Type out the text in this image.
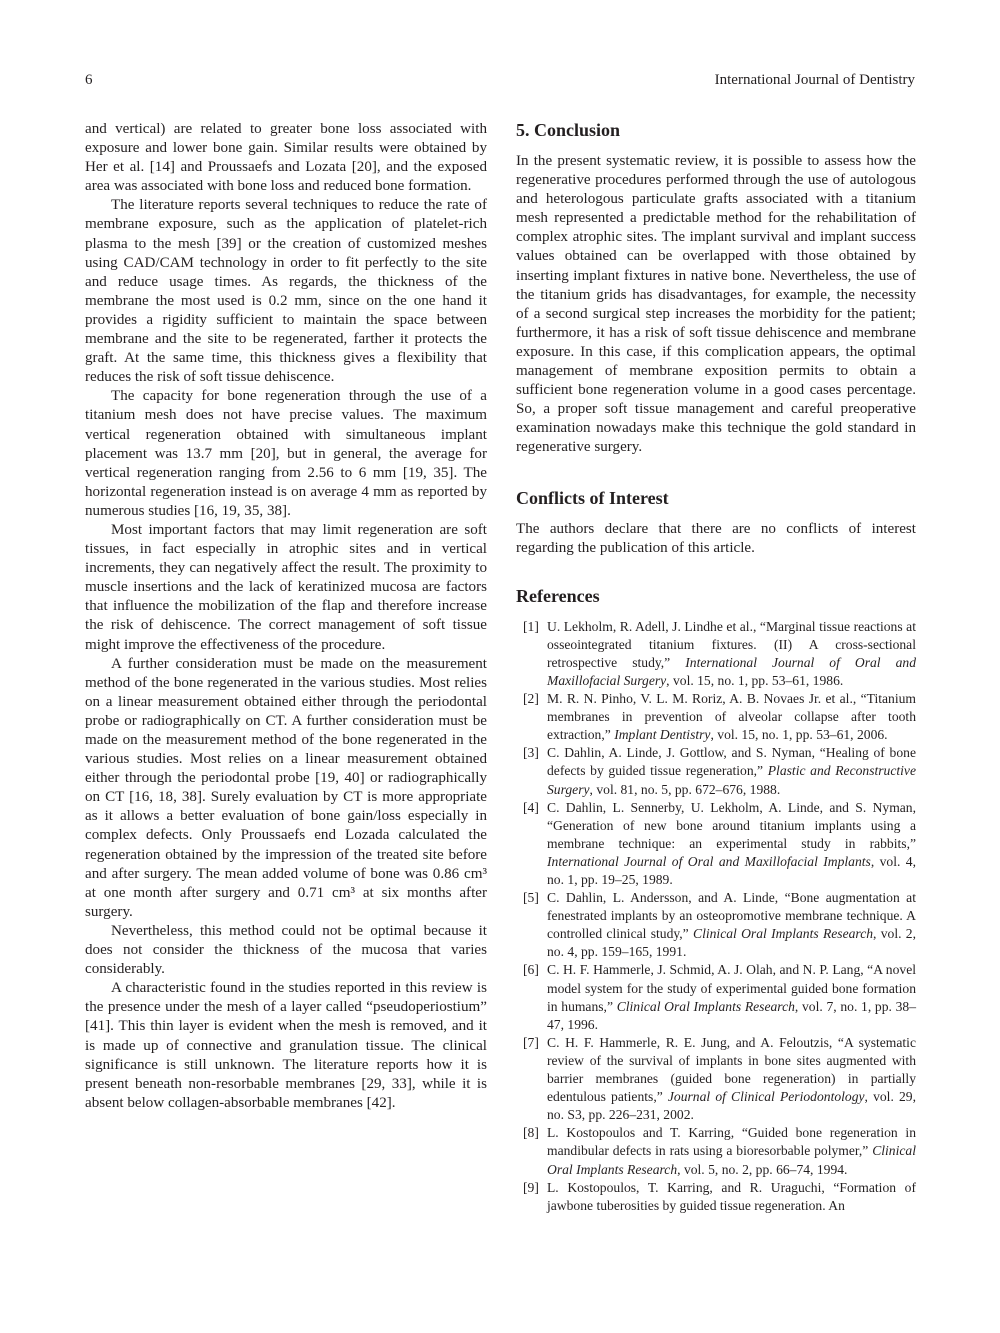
6	International Journal of Dentistry

and vertical) are related to greater bone loss associated with exposure and lower bone gain. Similar results were obtained by Her et al. [14] and Proussaefs and Lozata [20], and the exposed area was associated with bone loss and reduced bone formation.

The literature reports several techniques to reduce the rate of membrane exposure, such as the application of platelet-rich plasma to the mesh [39] or the creation of customized meshes using CAD/CAM technology in order to fit perfectly to the site and reduce usage times. As regards, the thickness of the membrane the most used is 0.2 mm, since on the one hand it provides a rigidity sufficient to maintain the space between membrane and the site to be regenerated, farther it protects the graft. At the same time, this thickness gives a flexibility that reduces the risk of soft tissue dehiscence.

The capacity for bone regeneration through the use of a titanium mesh does not have precise values. The maximum vertical regeneration obtained with simultaneous implant placement was 13.7 mm [20], but in general, the average for vertical regeneration ranging from 2.56 to 6 mm [19, 35]. The horizontal regeneration instead is on average 4 mm as reported by numerous studies [16, 19, 35, 38].

Most important factors that may limit regeneration are soft tissues, in fact especially in atrophic sites and in vertical increments, they can negatively affect the result. The proximity to muscle insertions and the lack of keratinized mucosa are factors that influence the mobilization of the flap and therefore increase the risk of dehiscence. The correct management of soft tissue might improve the effectiveness of the procedure.

A further consideration must be made on the measurement method of the bone regenerated in the various studies. Most relies on a linear measurement obtained either through the periodontal probe or radiographically on CT. A further consideration must be made on the measurement method of the bone regenerated in the various studies. Most relies on a linear measurement obtained either through the periodontal probe [19, 40] or radiographically on CT [16, 18, 38]. Surely evaluation by CT is more appropriate as it allows a better evaluation of bone gain/loss especially in complex defects. Only Proussaefs end Lozada calculated the regeneration obtained by the impression of the treated site before and after surgery. The mean added volume of bone was 0.86 cm³ at one month after surgery and 0.71 cm³ at six months after surgery.

Nevertheless, this method could not be optimal because it does not consider the thickness of the mucosa that varies considerably.

A characteristic found in the studies reported in this review is the presence under the mesh of a layer called “pseudoperiostium” [41]. This thin layer is evident when the mesh is removed, and it is made up of connective and granulation tissue. The clinical significance is still unknown. The literature reports how it is present beneath non-resorbable membranes [29, 33], while it is absent below collagen-absorbable membranes [42].

5. Conclusion

In the present systematic review, it is possible to assess how the regenerative procedures performed through the use of autologous and heterologous particulate grafts associated with a titanium mesh represented a predictable method for the rehabilitation of complex atrophic sites. The implant survival and implant success values obtained can be overlapped with those obtained by inserting implant fixtures in native bone. Nevertheless, the use of the titanium grids has disadvantages, for example, the necessity of a second surgical step increases the morbidity for the patient; furthermore, it has a risk of soft tissue dehiscence and membrane exposure. In this case, if this complication appears, the optimal management of membrane exposition permits to obtain a sufficient bone regeneration volume in a good cases percentage. So, a proper soft tissue management and careful preoperative examination nowadays make this technique the gold standard in regenerative surgery.

Conflicts of Interest

The authors declare that there are no conflicts of interest regarding the publication of this article.

References

[1] U. Lekholm, R. Adell, J. Lindhe et al., “Marginal tissue reactions at osseointegrated titanium fixtures. (II) A cross-sectional retrospective study,” International Journal of Oral and Maxillofacial Surgery, vol. 15, no. 1, pp. 53–61, 1986.

[2] M. R. N. Pinho, V. L. M. Roriz, A. B. Novaes Jr. et al., “Titanium membranes in prevention of alveolar collapse after tooth extraction,” Implant Dentistry, vol. 15, no. 1, pp. 53–61, 2006.

[3] C. Dahlin, A. Linde, J. Gottlow, and S. Nyman, “Healing of bone defects by guided tissue regeneration,” Plastic and Reconstructive Surgery, vol. 81, no. 5, pp. 672–676, 1988.

[4] C. Dahlin, L. Sennerby, U. Lekholm, A. Linde, and S. Nyman, “Generation of new bone around titanium implants using a membrane technique: an experimental study in rabbits,” International Journal of Oral and Maxillofacial Implants, vol. 4, no. 1, pp. 19–25, 1989.

[5] C. Dahlin, L. Andersson, and A. Linde, “Bone augmentation at fenestrated implants by an osteopromotive membrane technique. A controlled clinical study,” Clinical Oral Implants Research, vol. 2, no. 4, pp. 159–165, 1991.

[6] C. H. F. Hammerle, J. Schmid, A. J. Olah, and N. P. Lang, “A novel model system for the study of experimental guided bone formation in humans,” Clinical Oral Implants Research, vol. 7, no. 1, pp. 38–47, 1996.

[7] C. H. F. Hammerle, R. E. Jung, and A. Feloutzis, “A systematic review of the survival of implants in bone sites augmented with barrier membranes (guided bone regeneration) in partially edentulous patients,” Journal of Clinical Periodontology, vol. 29, no. S3, pp. 226–231, 2002.

[8] L. Kostopoulos and T. Karring, “Guided bone regeneration in mandibular defects in rats using a bioresorbable polymer,” Clinical Oral Implants Research, vol. 5, no. 2, pp. 66–74, 1994.

[9] L. Kostopoulos, T. Karring, and R. Uraguchi, “Formation of jawbone tuberosities by guided tissue regeneration. An
